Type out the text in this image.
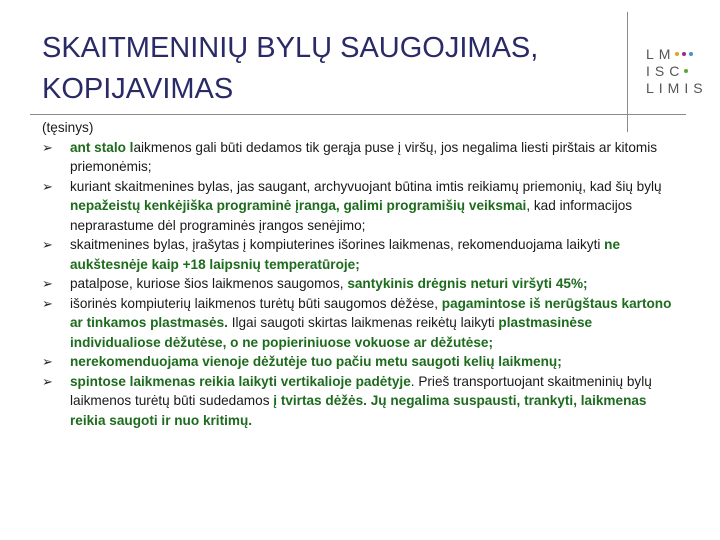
SKAITMENINIŲ BYLŲ SAUGOJIMAS, KOPIJAVIMAS
LM
ISC
LIMIS
(tęsinys)
➢ ant stalo laikmenos gali būti dedamos tik gerąja puse į viršų, jos negalima liesti pirštais ar kitomis priemonėmis;
➢ kuriant skaitmenines bylas, jas saugant, archyvuojant būtina imtis reikiamų priemonių, kad šių bylų nepažeistų kenkėjiška programinė įranga, galimi programišių veiksmai, kad informacijos neprarastume dėl programinės įrangos senėjimo;
➢ skaitmenines bylas, įrašytas į kompiuterines išorines laikmenas, rekomenduojama laikyti ne aukštesnėje kaip +18 laipsnių temperatūroje;
➢ patalpose, kuriose šios laikmenos saugomos, santykinis drėgnis neturi viršyti 45%;
➢ išorinės kompiuterių laikmenos turėtų būti saugomos dėžėse, pagamintose iš nerūgštaus kartono ar tinkamos plastmasės. Ilgai saugoti skirtas laikmenas reikėtų laikyti plastmasinėse individualiose dėžutėse, o ne popieriniuose vokuose ar dėžutėse;
➢ nerekomenduojama vienoje dėžutėje tuo pačiu metu saugoti kelių laikmenų;
➢ spintose laikmenas reikia laikyti vertikalioje padėtyje. Prieš transportuojant skaitmeninių bylų laikmenos turėtų būti sudedamos į tvirtas dėžės. Jų negalima suspausti, trankyti, laikmenas reikia saugoti ir nuo kritimų.
